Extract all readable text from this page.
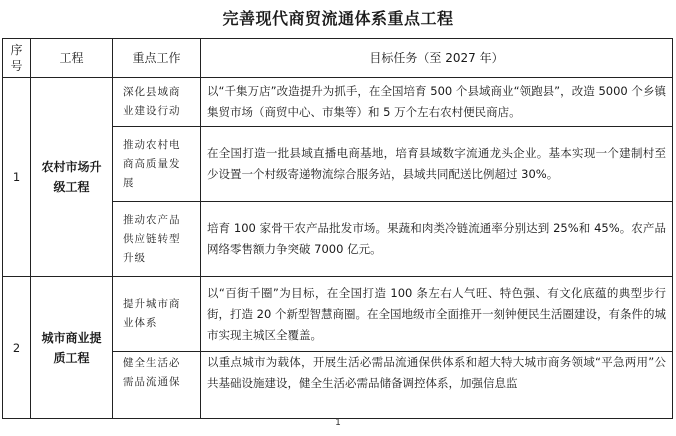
完善现代商贸流通体系重点工程
序号	工程	重点工作	目标任务（至 2027 年）
1	农村市场升级工程	深化县域商业建设行动	以“千集万店”改造提升为抓手，在全国培育 500 个县域商业“领跑县”，改造 5000 个乡镇集贸市场（商贸中心、市集等）和 5 万个左右农村便民商店。
		推动农村电商高质量发展	在全国打造一批县域直播电商基地，培育县域数字流通龙头企业。基本实现一个建制村至少设置一个村级寄递物流综合服务站，县域共同配送比例超过 30%。
		推动农产品供应链转型升级	培育 100 家骨干农产品批发市场。果蔬和肉类冷链流通率分别达到 25%和 45%。农产品网络零售额力争突破 7000 亿元。
2	城市商业提质工程	提升城市商业体系	以“百街千圈”为目标，在全国打造 100 条左右人气旺、特色强、有文化底蕴的典型步行街，打造 20 个新型智慧商圈。在全国地级市全面推开一刻钟便民生活圈建设，有条件的城市实现主城区全覆盖。
		健全生活必需品流通保	以重点城市为载体，开展生活必需品流通保供体系和超大特大城市商务领域“平急两用”公共基础设施建设，健全生活必需品储备调控体系，加强信息监
1
